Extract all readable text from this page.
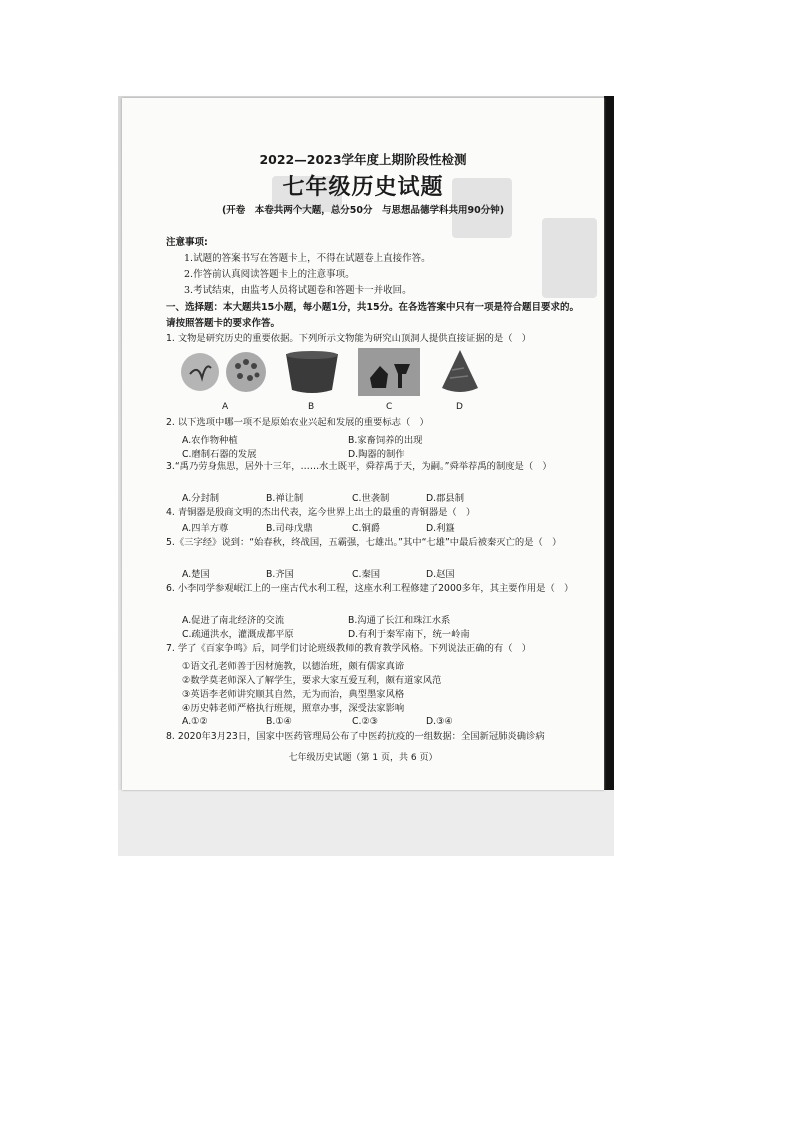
2022—2023学年度上期阶段性检测
七年级历史试题
(开卷　本卷共两个大题，总分50分　与思想品德学科共用90分钟)
注意事项:
1.试题的答案书写在答题卡上，不得在试题卷上直接作答。
2.作答前认真阅读答题卡上的注意事项。
3.考试结束，由监考人员将试题卷和答题卡一并收回。
一、选择题：本大题共15小题，每小题1分，共15分。在各选答案中只有一项是符合题目要求的。请按照答题卡的要求作答。
1. 文物是研究历史的重要依据。下列所示文物能为研究山顶洞人提供直接证据的是（　）
A	B	C	D
2. 以下选项中哪一项不是原始农业兴起和发展的重要标志（　）
A.农作物种植	B.家畜饲养的出现
C.磨制石器的发展	D.陶器的制作
3.“禹乃劳身焦思，居外十三年，……水土既平，舜荐禹于天，为嗣。”舜举荐禹的制度是（　）
A.分封制	B.禅让制	C.世袭制	D.郡县制
4. 青铜器是殷商文明的杰出代表，迄今世界上出土的最重的青铜器是（　）
A.四羊方尊	B.司母戊鼎	C.铜爵	D.利簋
5.《三字经》说到：“始春秋，终战国，五霸强，七雄出。”其中“七雄”中最后被秦灭亡的是（　）
A.楚国	B.齐国	C.秦国	D.赵国
6. 小李同学参观岷江上的一座古代水利工程，这座水利工程修建了2000多年，其主要作用是（　）
A.促进了南北经济的交流	B.沟通了长江和珠江水系
C.疏通洪水，灌溉成都平原	D.有利于秦军南下，统一岭南
7. 学了《百家争鸣》后，同学们讨论班级教师的教育教学风格。下列说法正确的有（　）
①语文孔老师善于因材施教，以德治班，颇有儒家真谛
②数学莫老师深入了解学生，要求大家互爱互利，颇有道家风范
③英语李老师讲究顺其自然，无为而治，典型墨家风格
④历史韩老师严格执行班规，照章办事，深受法家影响
A.①②	B.①④	C.②③	D.③④
8. 2020年3月23日，国家中医药管理局公布了中医药抗疫的一组数据：全国新冠肺炎确诊病
七年级历史试题（第 1 页，共 6 页）
